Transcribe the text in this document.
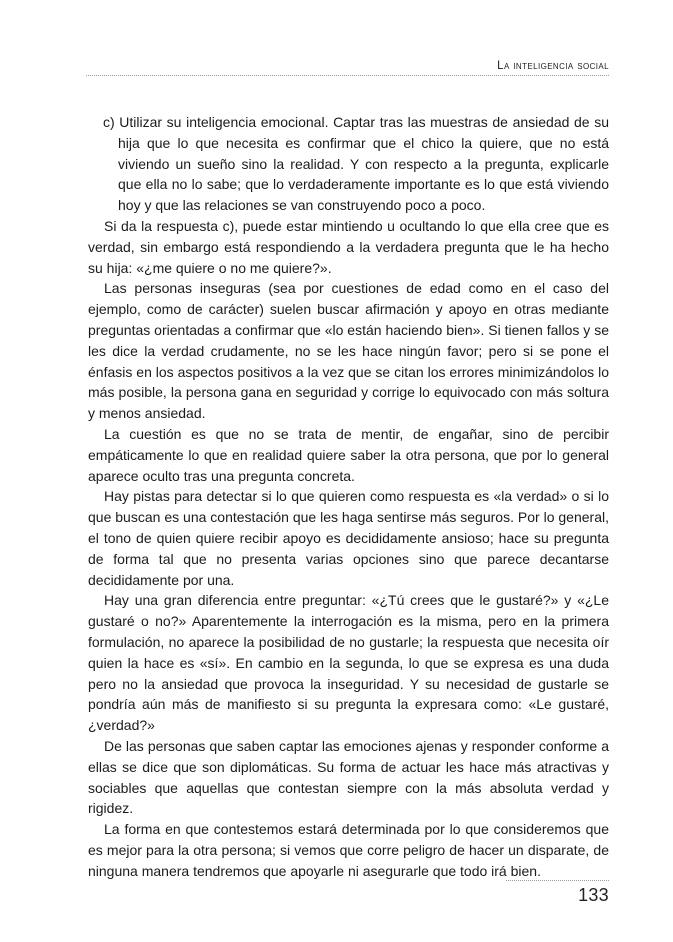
La inteligencia social

c) Utilizar su inteligencia emocional. Captar tras las muestras de ansiedad de su hija que lo que necesita es confirmar que el chico la quiere, que no está viviendo un sueño sino la realidad. Y con respecto a la pregunta, explicarle que ella no lo sabe; que lo verdaderamente importante es lo que está viviendo hoy y que las relaciones se van construyendo poco a poco.

Si da la respuesta c), puede estar mintiendo u ocultando lo que ella cree que es verdad, sin embargo está respondiendo a la verdadera pregunta que le ha hecho su hija: «¿me quiere o no me quiere?».

Las personas inseguras (sea por cuestiones de edad como en el caso del ejemplo, como de carácter) suelen buscar afirmación y apoyo en otras mediante preguntas orientadas a confirmar que «lo están haciendo bien». Si tienen fallos y se les dice la verdad crudamente, no se les hace ningún favor; pero si se pone el énfasis en los aspectos positivos a la vez que se citan los errores minimizándolos lo más posible, la persona gana en seguridad y corrige lo equivocado con más soltura y menos ansiedad.

La cuestión es que no se trata de mentir, de engañar, sino de percibir empáticamente lo que en realidad quiere saber la otra persona, que por lo general aparece oculto tras una pregunta concreta.

Hay pistas para detectar si lo que quieren como respuesta es «la verdad» o si lo que buscan es una contestación que les haga sentirse más seguros. Por lo general, el tono de quien quiere recibir apoyo es decididamente ansioso; hace su pregunta de forma tal que no presenta varias opciones sino que parece decantarse decididamente por una.

Hay una gran diferencia entre preguntar: «¿Tú crees que le gustaré?» y «¿Le gustaré o no?» Aparentemente la interrogación es la misma, pero en la primera formulación, no aparece la posibilidad de no gustarle; la respuesta que necesita oír quien la hace es «sí». En cambio en la segunda, lo que se expresa es una duda pero no la ansiedad que provoca la inseguridad. Y su necesidad de gustarle se pondría aún más de manifiesto si su pregunta la expresara como: «Le gustaré, ¿verdad?»

De las personas que saben captar las emociones ajenas y responder conforme a ellas se dice que son diplomáticas. Su forma de actuar les hace más atractivas y sociables que aquellas que contestan siempre con la más absoluta verdad y rigidez.

La forma en que contestemos estará determinada por lo que consideremos que es mejor para la otra persona; si vemos que corre peligro de hacer un disparate, de ninguna manera tendremos que apoyarle ni asegurarle que todo irá bien.

133
